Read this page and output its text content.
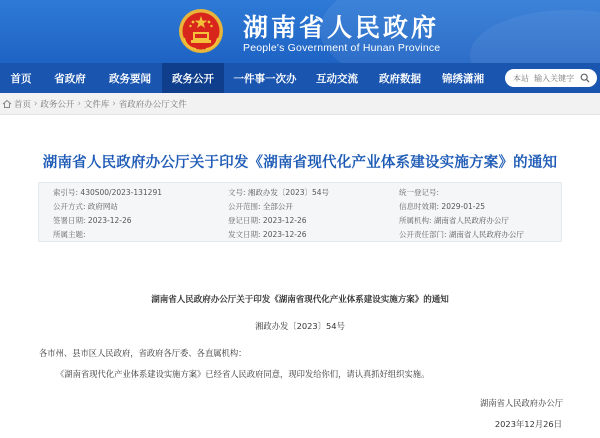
湖南省人民政府
People's Government of Hunan Province
首页	省政府	政务要闻	政务公开	一件事一次办	互动交流	政府数据	锦绣潇湘
本站 输入关键字
首页 › 政务公开 › 文件库 › 省政府办公厅文件
湖南省人民政府办公厅关于印发《湖南省现代化产业体系建设实施方案》的通知
索引号: 430S00/2023-131291	文号: 湘政办发〔2023〕54号	统一登记号:
公开方式: 政府网站	公开范围: 全部公开	信息时效期: 2029-01-25
签署日期: 2023-12-26	登记日期: 2023-12-26	所属机构: 湖南省人民政府办公厅
所属主题:	发文日期: 2023-12-26	公开责任部门: 湖南省人民政府办公厅
湖南省人民政府办公厅关于印发《湖南省现代化产业体系建设实施方案》的通知
湘政办发〔2023〕54号
各市州、县市区人民政府，省政府各厅委、各直属机构：
《湖南省现代化产业体系建设实施方案》已经省人民政府同意，现印发给你们，请认真抓好组织实施。
湖南省人民政府办公厅
2023年12月26日
